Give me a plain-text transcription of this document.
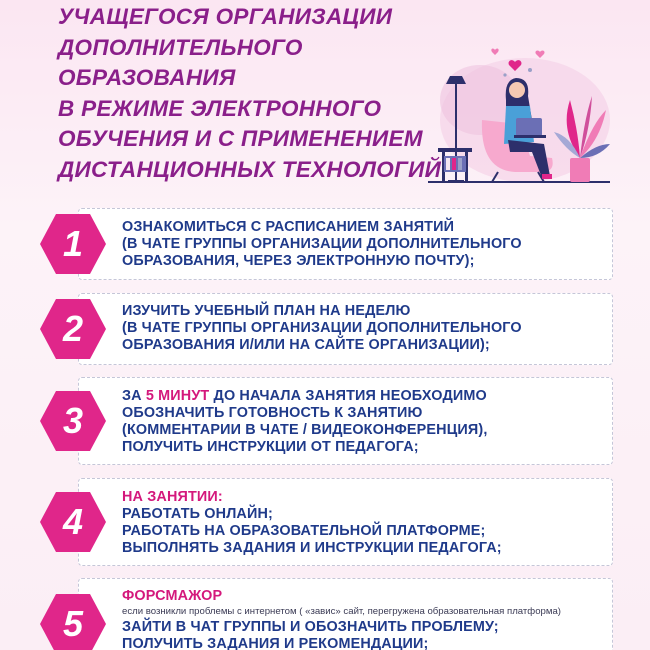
УЧАЩЕГОСЯ ОРГАНИЗАЦИИ
ДОПОЛНИТЕЛЬНОГО
ОБРАЗОВАНИЯ
В РЕЖИМЕ ЭЛЕКТРОННОГО
ОБУЧЕНИЯ И С ПРИМЕНЕНИЕМ
ДИСТАНЦИОННЫХ ТЕХНОЛОГИЙ
1	ОЗНАКОМИТЬСЯ С РАСПИСАНИЕМ ЗАНЯТИЙ
(В ЧАТЕ ГРУППЫ ОРГАНИЗАЦИИ ДОПОЛНИТЕЛЬНОГО
ОБРАЗОВАНИЯ, ЧЕРЕЗ ЭЛЕКТРОННУЮ ПОЧТУ);
2	ИЗУЧИТЬ УЧЕБНЫЙ ПЛАН НА НЕДЕЛЮ
(В ЧАТЕ ГРУППЫ ОРГАНИЗАЦИИ ДОПОЛНИТЕЛЬНОГО
ОБРАЗОВАНИЯ И/ИЛИ НА САЙТЕ ОРГАНИЗАЦИИ);
3
ЗА 5 МИНУТ ДО НАЧАЛА ЗАНЯТИЯ НЕОБХОДИМО
ОБОЗНАЧИТЬ ГОТОВНОСТЬ К ЗАНЯТИЮ
(КОММЕНТАРИИ В ЧАТЕ / ВИДЕОКОНФЕРЕНЦИЯ),
ПОЛУЧИТЬ ИНСТРУКЦИИ ОТ ПЕДАГОГА;
4
НА ЗАНЯТИИ:
РАБОТАТЬ ОНЛАЙН;
РАБОТАТЬ НА ОБРАЗОВАТЕЛЬНОЙ ПЛАТФОРМЕ;
ВЫПОЛНЯТЬ ЗАДАНИЯ И ИНСТРУКЦИИ ПЕДАГОГА;
5
ФОРСМАЖОР
если возникли проблемы с интернетом ( «завис» сайт, перегружена образовательная платформа)
ЗАЙТИ В ЧАТ ГРУППЫ И ОБОЗНАЧИТЬ ПРОБЛЕМУ;
ПОЛУЧИТЬ ЗАДАНИЯ И РЕКОМЕНДАЦИИ;
